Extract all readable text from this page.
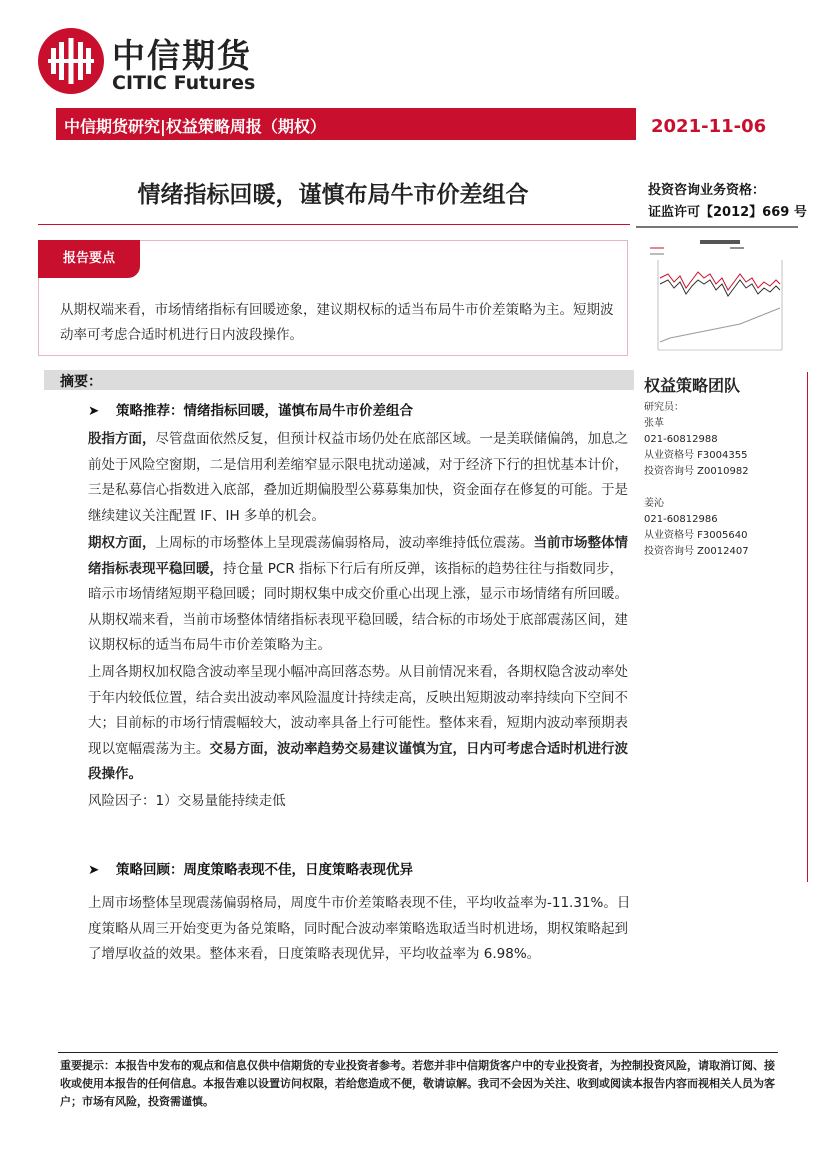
中信期货
CITIC Futures
中信期货研究|权益策略周报（期权）	2021-11-06
情绪指标回暖，谨慎布局牛市价差组合	投资咨询业务资格：
证监许可【2012】669 号
报告要点
从期权端来看，市场情绪指标有回暖迹象，建议期权标的适当布局牛市价差策略为主。短期波动率可考虑合适时机进行日内波段操作。
摘要：	权益策略团队
研究员：
张革
021-60812988
从业资格号 F3004355
投资咨询号 Z0010982
姜沁
021-60812986
从业资格号 F3005640
投资咨询号 Z0012407
➤ 策略推荐：情绪指标回暖，谨慎布局牛市价差组合
股指方面，尽管盘面依然反复，但预计权益市场仍处在底部区域。一是美联储偏鸽，加息之前处于风险空窗期，二是信用利差缩窄显示限电扰动递减，对于经济下行的担忧基本计价，三是私募信心指数进入底部，叠加近期偏股型公募募集加快，资金面存在修复的可能。于是继续建议关注配置 IF、IH 多单的机会。
期权方面，上周标的市场整体上呈现震荡偏弱格局，波动率维持低位震荡。当前市场整体情绪指标表现平稳回暖，持仓量 PCR 指标下行后有所反弹，该指标的趋势往往与指数同步，暗示市场情绪短期平稳回暖；同时期权集中成交价重心出现上涨，显示市场情绪有所回暖。从期权端来看，当前市场整体情绪指标表现平稳回暖，结合标的市场处于底部震荡区间，建议期权标的适当布局牛市价差策略为主。
上周各期权加权隐含波动率呈现小幅冲高回落态势。从目前情况来看，各期权隐含波动率处于年内较低位置，结合卖出波动率风险温度计持续走高，反映出短期波动率持续向下空间不大；目前标的市场行情震幅较大，波动率具备上行可能性。整体来看，短期内波动率预期表现以宽幅震荡为主。交易方面，波动率趋势交易建议谨慎为宜，日内可考虑合适时机进行波段操作。
风险因子：1）交易量能持续走低
➤ 策略回顾：周度策略表现不佳，日度策略表现优异
上周市场整体呈现震荡偏弱格局，周度牛市价差策略表现不佳，平均收益率为-11.31%。日度策略从周三开始变更为备兑策略，同时配合波动率策略选取适当时机进场，期权策略起到了增厚收益的效果。整体来看，日度策略表现优异，平均收益率为 6.98%。
重要提示：本报告中发布的观点和信息仅供中信期货的专业投资者参考。若您并非中信期货客户中的专业投资者，为控制投资风险，请取消订阅、接收或使用本报告的任何信息。本报告难以设置访问权限，若给您造成不便，敬请谅解。我司不会因为关注、收到或阅读本报告内容而视相关人员为客户；市场有风险，投资需谨慎。
